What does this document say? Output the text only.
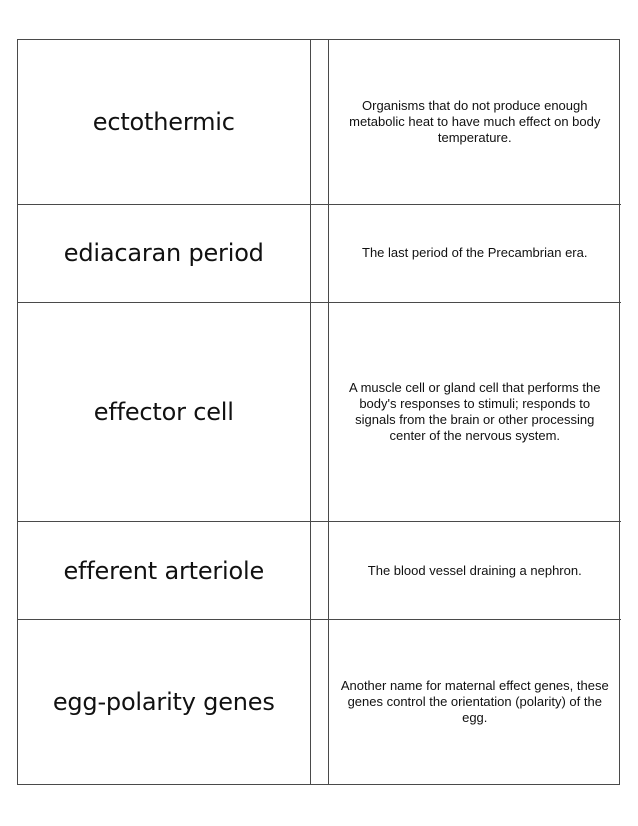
ectothermic		Organisms that do not produce enough metabolic heat to have much effect on body temperature.

ediacaran period		The last period of the Precambrian era.

effector cell		A muscle cell or gland cell that performs the body's responses to stimuli; responds to signals from the brain or other processing center of the nervous system.

efferent arteriole		The blood vessel draining a nephron.

egg-polarity genes		Another name for maternal effect genes, these genes control the orientation (polarity) of the egg.
